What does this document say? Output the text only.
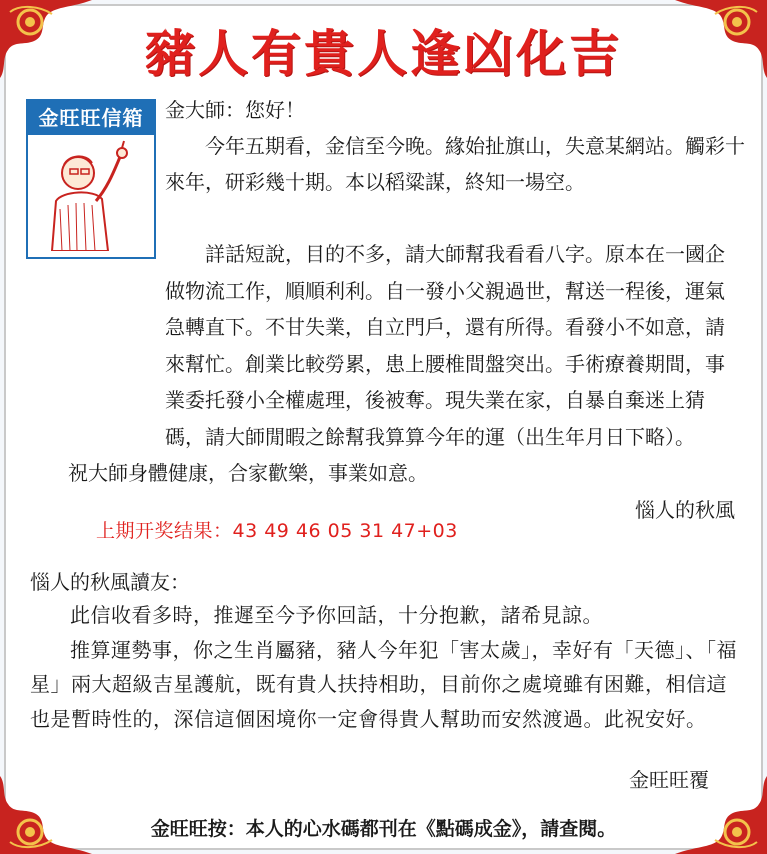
豬人有貴人逢凶化吉
金旺旺信箱	金大師：您好！

今年五期看，金信至今晚。緣始扯旗山，失意某網站。觸彩十來年，研彩幾十期。本以稻粱謀，終知一場空。

詳話短說，目的不多，請大師幫我看看八字。原本在一國企做物流工作，順順利利。自一發小父親過世，幫送一程後，運氣急轉直下。不甘失業，自立門戶，還有所得。看發小不如意，請來幫忙。創業比較勞累，患上腰椎間盤突出。手術療養期間，事業委托發小全權處理，後被奪。現失業在家，自暴自棄迷上猜碼，請大師閒暇之餘幫我算算今年的運（出生年月日下略）。

祝大師身體健康，合家歡樂，事業如意。

惱人的秋風
上期开奖结果：43 49 46 05 31 47+03
惱人的秋風讀友：

此信收看多時，推遲至今予你回話，十分抱歉，諸希見諒。

推算運勢事，你之生肖屬豬，豬人今年犯「害太歲」，幸好有「天德」、「福星」兩大超級吉星護航，既有貴人扶持相助，目前你之處境雖有困難，相信這也是暫時性的，深信這個困境你一定會得貴人幫助而安然渡過。此祝安好。

金旺旺覆
金旺旺按：本人的心水碼都刊在《點碼成金》，請查閱。
